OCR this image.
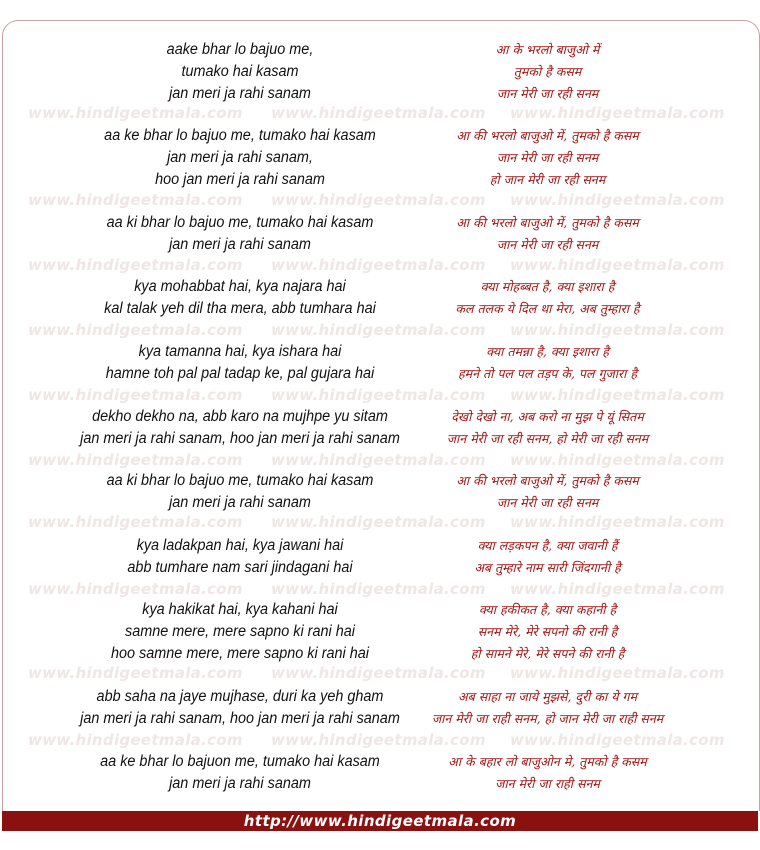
www.hindigeetmala.com www.hindigeetmala.com www.hindigeetmala.com
www.hindigeetmala.com www.hindigeetmala.com www.hindigeetmala.com
www.hindigeetmala.com www.hindigeetmala.com www.hindigeetmala.com
www.hindigeetmala.com www.hindigeetmala.com www.hindigeetmala.com
www.hindigeetmala.com www.hindigeetmala.com www.hindigeetmala.com
www.hindigeetmala.com www.hindigeetmala.com www.hindigeetmala.com
www.hindigeetmala.com www.hindigeetmala.com www.hindigeetmala.com
www.hindigeetmala.com www.hindigeetmala.com www.hindigeetmala.com
www.hindigeetmala.com www.hindigeetmala.com www.hindigeetmala.com
www.hindigeetmala.com www.hindigeetmala.com www.hindigeetmala.com
aake bhar lo bajuo me,	आ के भरलो बाजुओ में
tumako hai kasam	तुमको है कसम
jan meri ja rahi sanam	जान मेरी जा रही सनम
aa ke bhar lo bajuo me, tumako hai kasam	आ की भरलो बाजुओ में, तुमको है कसम
jan meri ja rahi sanam,	जान मेरी जा रही सनम
hoo jan meri ja rahi sanam	हो जान मेरी जा रही सनम
aa ki bhar lo bajuo me, tumako hai kasam	आ की भरलो बाजुओ में, तुमको है कसम
jan meri ja rahi sanam	जान मेरी जा रही सनम
kya mohabbat hai, kya najara hai	क्या मोहब्बत है, क्या इशारा है
kal talak yeh dil tha mera, abb tumhara hai	कल तलक ये दिल था मेरा, अब तुम्हारा है
kya tamanna hai, kya ishara hai	क्या तमन्ना है, क्या इशारा है
hamne toh pal pal tadap ke, pal gujara hai	हमने तो पल पल तड़प के, पल गुजारा है
dekho dekho na, abb karo na mujhpe yu sitam	देखो देखो ना, अब करो ना मुझ पे यूं सितम
jan meri ja rahi sanam, hoo jan meri ja rahi sanam	जान मेरी जा रही सनम, हो मेरी जा रही सनम
aa ki bhar lo bajuo me, tumako hai kasam	आ की भरलो बाजुओ में, तुमको है कसम
jan meri ja rahi sanam	जान मेरी जा रही सनम
kya ladakpan hai, kya jawani hai	क्या लड़कपन है, क्या जवानी हैं
abb tumhare nam sari jindagani hai	अब तुम्हारे नाम सारी जिंदगानी है
kya hakikat hai, kya kahani hai	क्या हकीकत है, क्या कहानी है
samne mere, mere sapno ki rani hai	सनम मेरे, मेरे सपनो की रानी है
hoo samne mere, mere sapno ki rani hai	हो सामने मेरे, मेरे सपने की रानी है
abb saha na jaye mujhase, duri ka yeh gham	अब साहा ना जाये मुझसे, दुरी का ये गम
jan meri ja rahi sanam, hoo jan meri ja rahi sanam	जान मेरी जा राही सनम, हो जान मेरी जा राही सनम
aa ke bhar lo bajuon me, tumako hai kasam	आ के बहार लो बाजुओन मे, तुमको है कसम
jan meri ja rahi sanam	जान मेरी जा राही सनम
http://www.hindigeetmala.com
